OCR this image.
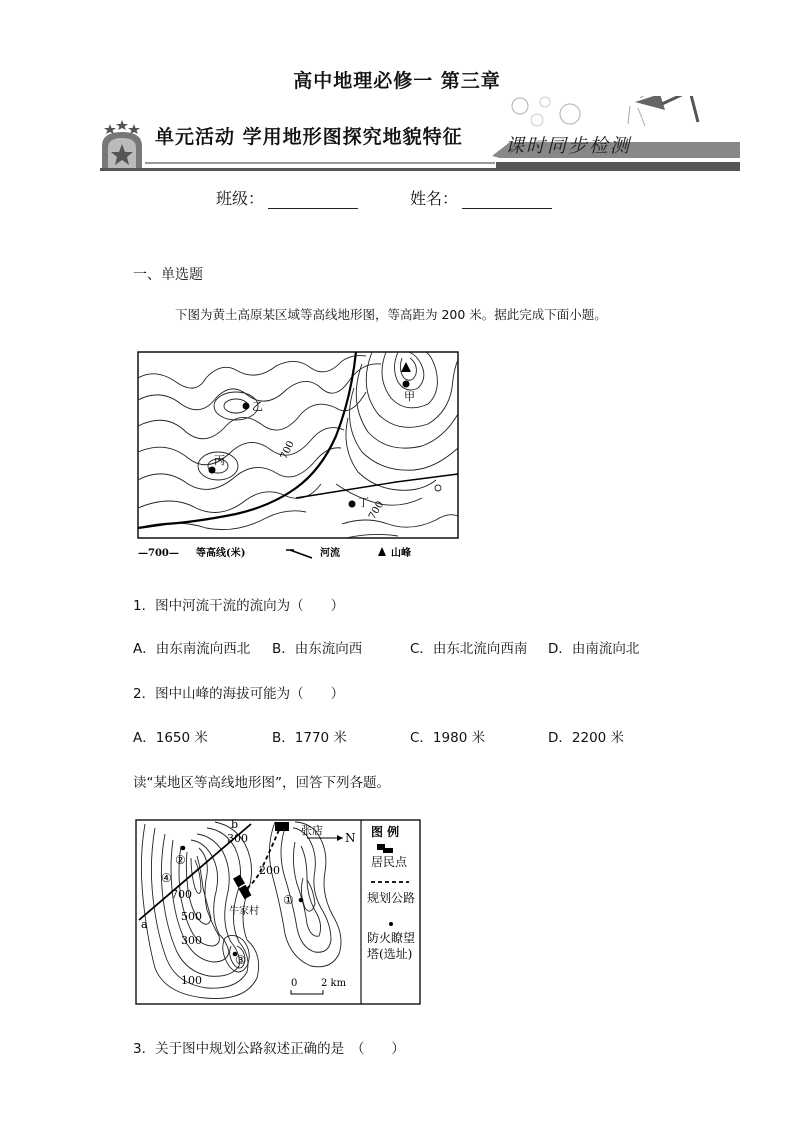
高中地理必修一 第三章
单元活动 学用地形图探究地貌特征 课时同步检测
班级：	姓名：
一、单选题
下图为黄土高原某区域等高线地形图，等高距为 200 米。据此完成下面小题。
700
700
乙
丙
甲
丁
—700— 等高线(米)	河流	山峰
1．图中河流干流的流向为（　　）
A．由东南流向西北 B．由东流向西	C．由东北流向西南 D．由南流向北
2．图中山峰的海拔可能为（　　）
A．1650 米	B．1770 米	C．1980 米	D．2200 米
读“某地区等高线地形图”，回答下列各题。
b
a
300
200
700
500
300
100
②
④
③
①
张店
牛家村
N
0 2 km
图 例
居民点
规划公路
防火瞭望
塔(选址)
3．关于图中规划公路叙述正确的是　（　　）
